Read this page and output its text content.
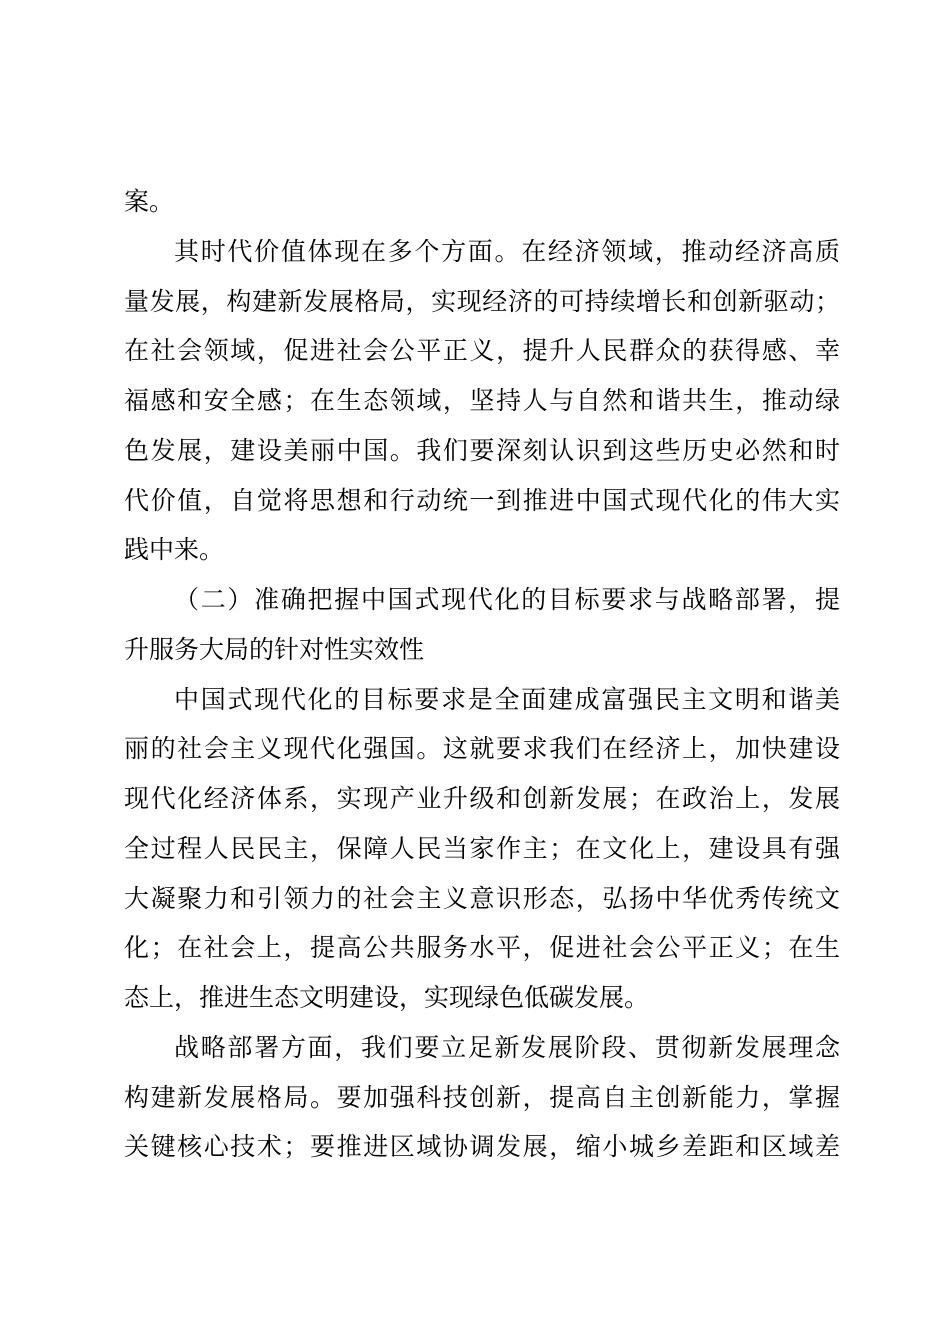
案。
其时代价值体现在多个方面。在经济领域，推动经济高质
量发展，构建新发展格局，实现经济的可持续增长和创新驱动；
在社会领域，促进社会公平正义，提升人民群众的获得感、幸
福感和安全感；在生态领域，坚持人与自然和谐共生，推动绿
色发展，建设美丽中国。我们要深刻认识到这些历史必然和时
代价值，自觉将思想和行动统一到推进中国式现代化的伟大实
践中来。
（二）准确把握中国式现代化的目标要求与战略部署，提
升服务大局的针对性实效性
中国式现代化的目标要求是全面建成富强民主文明和谐美
丽的社会主义现代化强国。这就要求我们在经济上，加快建设
现代化经济体系，实现产业升级和创新发展；在政治上，发展
全过程人民民主，保障人民当家作主；在文化上，建设具有强
大凝聚力和引领力的社会主义意识形态，弘扬中华优秀传统文
化；在社会上，提高公共服务水平，促进社会公平正义；在生
态上，推进生态文明建设，实现绿色低碳发展。
战略部署方面，我们要立足新发展阶段、贯彻新发展理念
构建新发展格局。要加强科技创新，提高自主创新能力，掌握
关键核心技术；要推进区域协调发展，缩小城乡差距和区域差
